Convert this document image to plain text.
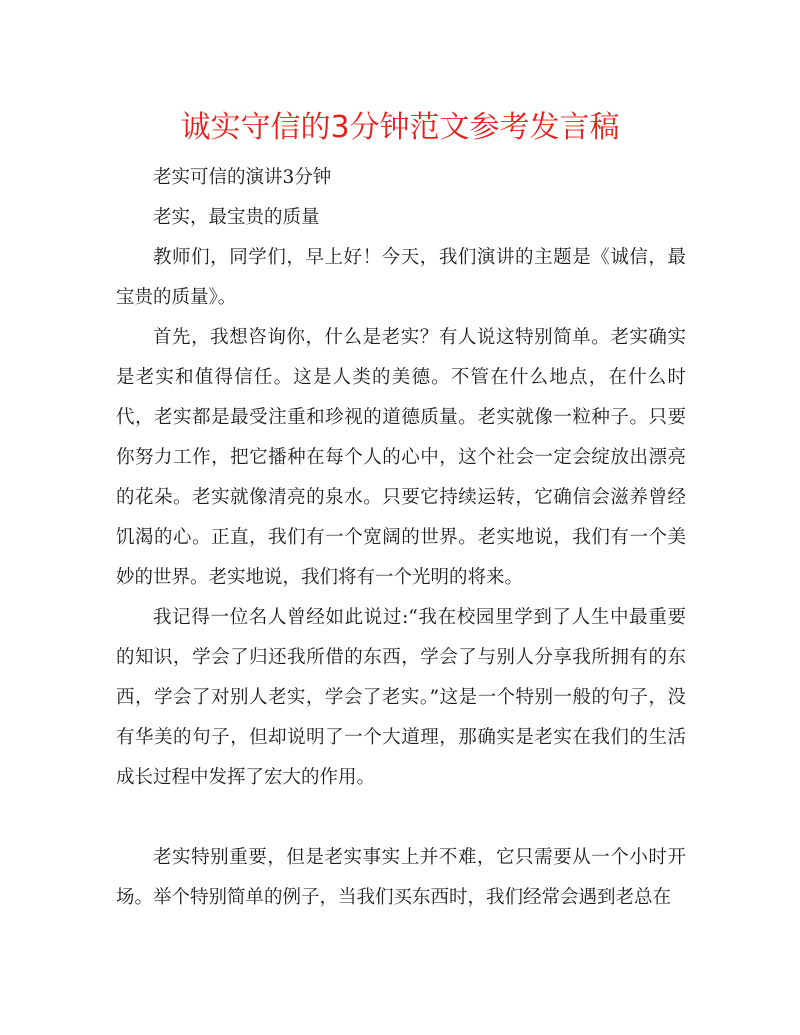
诚实守信的3分钟范文参考发言稿

老实可信的演讲3分钟

老实，最宝贵的质量

教师们，同学们，早上好！今天，我们演讲的主题是《诚信，最宝贵的质量》。

首先，我想咨询你，什么是老实？有人说这特别简单。老实确实是老实和值得信任。这是人类的美德。不管在什么地点，在什么时代，老实都是最受注重和珍视的道德质量。老实就像一粒种子。只要你努力工作，把它播种在每个人的心中，这个社会一定会绽放出漂亮的花朵。老实就像清亮的泉水。只要它持续运转，它确信会滋养曾经饥渴的心。正直，我们有一个宽阔的世界。老实地说，我们有一个美妙的世界。老实地说，我们将有一个光明的将来。

我记得一位名人曾经如此说过:“我在校园里学到了人生中最重要的知识，学会了归还我所借的东西，学会了与别人分享我所拥有的东西，学会了对别人老实，学会了老实。”这是一个特别一般的句子，没有华美的句子，但却说明了一个大道理，那确实是老实在我们的生活成长过程中发挥了宏大的作用。

老实特别重要，但是老实事实上并不难，它只需要从一个小时开场。举个特别简单的例子，当我们买东西时，我们经常会遇到老总在
